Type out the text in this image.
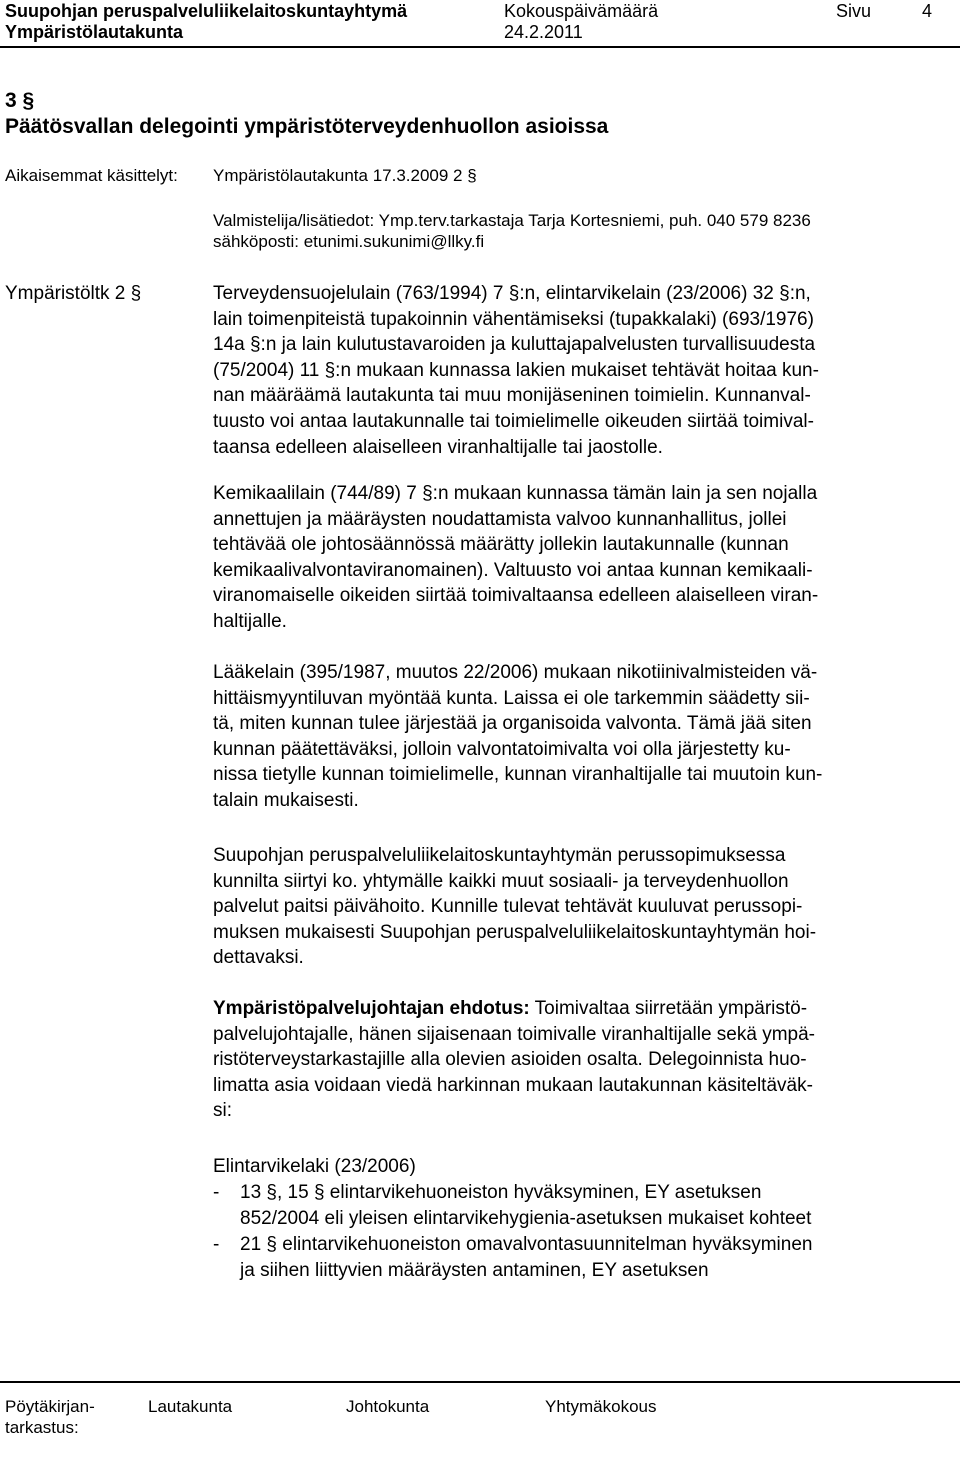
Suupohjan peruspalveluliikelaitoskuntayhtymä
Ympäristölautakunta
Kokouspäivämäärä
24.2.2011
Sivu	4
3 §
Päätösvallan delegointi ympäristöterveydenhuollon asioissa
Aikaisemmat käsittelyt: Ympäristölautakunta 17.3.2009 2 §
Valmistelija/lisätiedot: Ymp.terv.tarkastaja Tarja Kortesniemi, puh. 040 579 8236
sähköposti: etunimi.sukunimi@llky.fi
Ympäristöltk 2 §	Terveydensuojelulain (763/1994) 7 §:n, elintarvikelain (23/2006) 32 §:n,

lain toimenpiteistä tupakoinnin vähentämiseksi (tupakkalaki) (693/1976)

14a §:n ja lain kulutustavaroiden ja kuluttajapalvelusten turvallisuudesta

(75/2004) 11 §:n mukaan kunnassa lakien mukaiset tehtävät hoitaa kun-

nan määräämä lautakunta tai muu monijäseninen toimielin. Kunnanval-

tuusto voi antaa lautakunnalle tai toimielimelle oikeuden siirtää toimival-

taansa edelleen alaiselleen viranhaltijalle tai jaostolle.

Kemikaalilain (744/89) 7 §:n mukaan kunnassa tämän lain ja sen nojalla

annettujen ja määräysten noudattamista valvoo kunnanhallitus, jollei

tehtävää ole johtosäännössä määrätty jollekin lautakunnalle (kunnan

kemikaalivalvontaviranomainen). Valtuusto voi antaa kunnan kemikaali-

viranomaiselle oikeiden siirtää toimivaltaansa edelleen alaiselleen viran-

haltijalle.

Lääkelain (395/1987, muutos 22/2006) mukaan nikotiinivalmisteiden vä-

hittäismyyntiluvan myöntää kunta. Laissa ei ole tarkemmin säädetty sii-

tä, miten kunnan tulee järjestää ja organisoida valvonta. Tämä jää siten

kunnan päätettäväksi, jolloin valvontatoimivalta voi olla järjestetty ku-

nissa tietylle kunnan toimielimelle, kunnan viranhaltijalle tai muutoin kun-

talain mukaisesti.

Suupohjan peruspalveluliikelaitoskuntayhtymän perussopimuksessa

kunnilta siirtyi ko. yhtymälle kaikki muut sosiaali- ja terveydenhuollon

palvelut paitsi päivähoito. Kunnille tulevat tehtävät kuuluvat perussopi-

muksen mukaisesti Suupohjan peruspalveluliikelaitoskuntayhtymän hoi-

dettavaksi.

Ympäristöpalvelujohtajan ehdotus: Toimivaltaa siirretään ympäristö-

palvelujohtajalle, hänen sijaisenaan toimivalle viranhaltijalle sekä ympä-

ristöterveystarkastajille alla olevien asioiden osalta. Delegoinnista huo-

limatta asia voidaan viedä harkinnan mukaan lautakunnan käsiteltäväk-

si:

Elintarvikelaki (23/2006)
- 13 §, 15 § elintarvikehuoneiston hyväksyminen, EY asetuksen
852/2004 eli yleisen elintarvikehygienia-asetuksen mukaiset kohteet
- 21 § elintarvikehuoneiston omavalvontasuunnitelman hyväksyminen
ja siihen liittyvien määräysten antaminen, EY asetuksen
Pöytäkirjan-
tarkastus:
Lautakunta	Johtokunta	Yhtymäkokous
